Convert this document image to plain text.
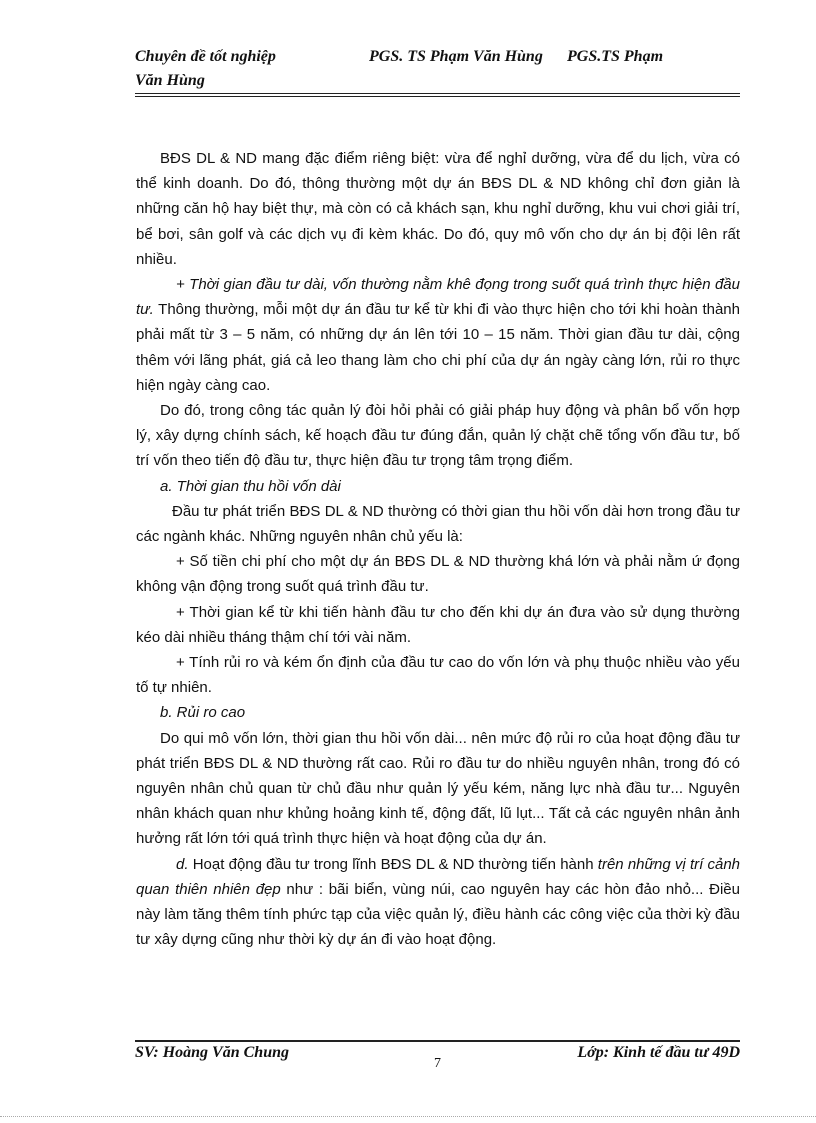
Chuyên đề tốt nghiệp	PGS. TS Phạm Văn Hùng PGS.TS Phạm
Văn Hùng

BĐS DL & ND mang đặc điểm riêng biệt: vừa để nghỉ dưỡng, vừa để du lịch, vừa có thể kinh doanh. Do đó, thông thường một dự án BĐS DL & ND không chỉ đơn giản là những căn hộ hay biệt thự, mà còn có cả khách sạn, khu nghỉ dưỡng, khu vui chơi giải trí, bể bơi, sân golf và các dịch vụ đi kèm khác. Do đó, quy mô vốn cho dự án bị đội lên rất nhiều.

+ Thời gian đầu tư dài, vốn thường nằm khê đọng trong suốt quá trình thực hiện đầu tư. Thông thường, mỗi một dự án đầu tư kể từ khi đi vào thực hiện cho tới khi hoàn thành phải mất từ 3 – 5 năm, có những dự án lên tới 10 – 15 năm. Thời gian đầu tư dài, cộng thêm với lãng phát, giá cả leo thang làm cho chi phí của dự án ngày càng lớn, rủi ro thực hiện ngày càng cao.

Do đó, trong công tác quản lý đòi hỏi phải có giải pháp huy động và phân bổ vốn hợp lý, xây dựng chính sách, kế hoạch đầu tư đúng đắn, quản lý chặt chẽ tổng vốn đầu tư, bố trí vốn theo tiến độ đầu tư, thực hiện đầu tư trọng tâm trọng điểm.

a. Thời gian thu hồi vốn dài

Đầu tư phát triển BĐS DL & ND thường có thời gian thu hồi vốn dài hơn trong đầu tư các ngành khác. Những nguyên nhân chủ yếu là:

+ Số tiền chi phí cho một dự án BĐS DL & ND thường khá lớn và phải nằm ứ đọng không vận động trong suốt quá trình đầu tư.

+ Thời gian kể từ khi tiến hành đầu tư cho đến khi dự án đưa vào sử dụng thường kéo dài nhiều tháng thậm chí tới vài năm.

+ Tính rủi ro và kém ổn định của đầu tư cao do vốn lớn và phụ thuộc nhiều vào yếu tố tự nhiên.

b. Rủi ro cao

Do qui mô vốn lớn, thời gian thu hồi vốn dài... nên mức độ rủi ro của hoạt động đầu tư phát triển BĐS DL & ND thường rất cao. Rủi ro đầu tư do nhiều nguyên nhân, trong đó có nguyên nhân chủ quan từ chủ đầu như quản lý yếu kém, năng lực nhà đầu tư... Nguyên nhân khách quan như khủng hoảng kinh tế, động đất, lũ lụt... Tất cả các nguyên nhân ảnh hưởng rất lớn tới quá trình thực hiện và hoạt động của dự án.

d. Hoạt động đầu tư trong lĩnh BĐS DL & ND thường tiến hành trên những vị trí cảnh quan thiên nhiên đẹp như : bãi biển, vùng núi, cao nguyên hay các hòn đảo nhỏ... Điều này làm tăng thêm tính phức tạp của việc quản lý, điều hành các công việc của thời kỳ đầu tư xây dựng cũng như thời kỳ dự án đi vào hoạt động.

SV: Hoàng Văn Chung
7
Lớp: Kinh tế đầu tư 49D
